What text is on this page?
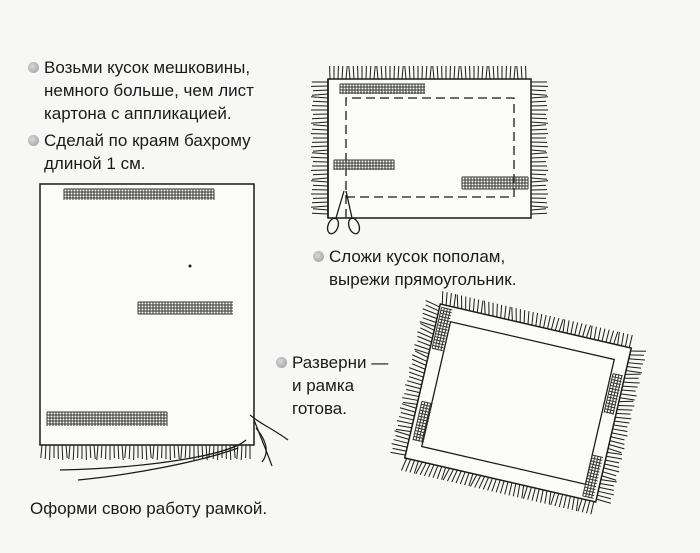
Возьми кусок мешковины,
немного больше, чем лист
картона с аппликацией.
Сделай по краям бахрому
длиной 1 см.
Сложи кусок пополам,
вырежи прямоугольник.
Разверни —
и рамка
готова.
Оформи свою работу рамкой.
